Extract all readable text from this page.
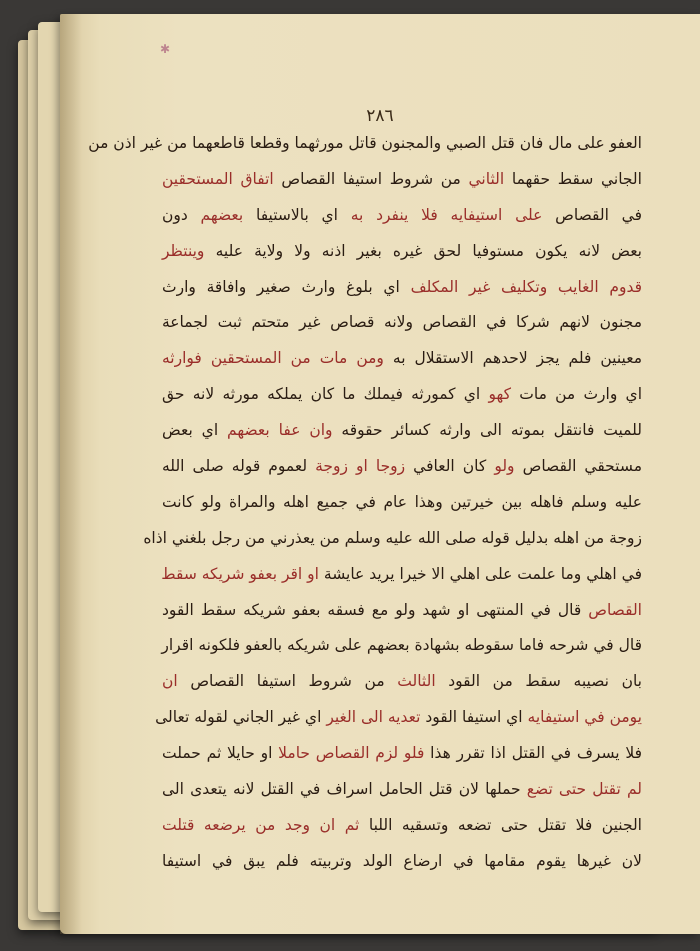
✱
٢٨٦
العفو علی مال فان قتل الصبي والمجنون قاتل مورثهما وقطعا قاطعهما من غير اذن من
الجاني سقط حقهما الثاني من شروط استيفا القصاص اتفاق المستحقين
في القصاص على استيفايه فلا ينفرد به اي بالاستيفا بعضهم دون
بعض لانه يكون مستوفيا لحق غيره بغير اذنه ولا ولاية عليه وينتظر
قدوم الغايب وتكليف غير المكلف اي بلوغ وارث صغير وافاقة وارث
مجنون لانهم شركا في القصاص ولانه قصاص غير متحتم ثبت لجماعة
معينين فلم يجز لاحدهم الاستقلال به ومن مات من المستحقين فوارثه
اي وارث من مات كهو اي كمورثه فيملك ما كان يملكه مورثه لانه حق
للميت فانتقل بموته الى وارثه كسائر حقوقه وان عفا بعضهم اي بعض
مستحقي القصاص ولو كان العافي زوجا او زوجة لعموم قوله صلى الله
عليه وسلم فاهله بين خيرتين وهذا عام في جميع اهله والمراة ولو كانت
زوجة من اهله بدليل قوله صلى الله عليه وسلم من يعذرني من رجل بلغني اذاه
في اهلي وما علمت على اهلي الا خيرا يريد عايشة او اقر بعفو شريكه سقط
القصاص قال في المنتهى او شهد ولو مع فسقه بعفو شريكه سقط القود
قال في شرحه فاما سقوطه بشهادة بعضهم على شريكه بالعفو فلكونه اقرار
بان نصيبه سقط من القود الثالث من شروط استيفا القصاص ان
يومن في استيفايه اي استيفا القود تعديه الى الغير اي غير الجاني لقوله تعالى
فلا يسرف في القتل اذا تقرر هذا فلو لزم القصاص حاملا او حايلا ثم حملت
لم تقتل حتى تضع حملها لان قتل الحامل اسراف في القتل لانه يتعدى الى
الجنين فلا تقتل حتى تضعه وتسقيه اللبا ثم ان وجد من يرضعه قتلت
لان غيرها يقوم مقامها في ارضاع الولد وتربيته فلم يبق في استيفا
